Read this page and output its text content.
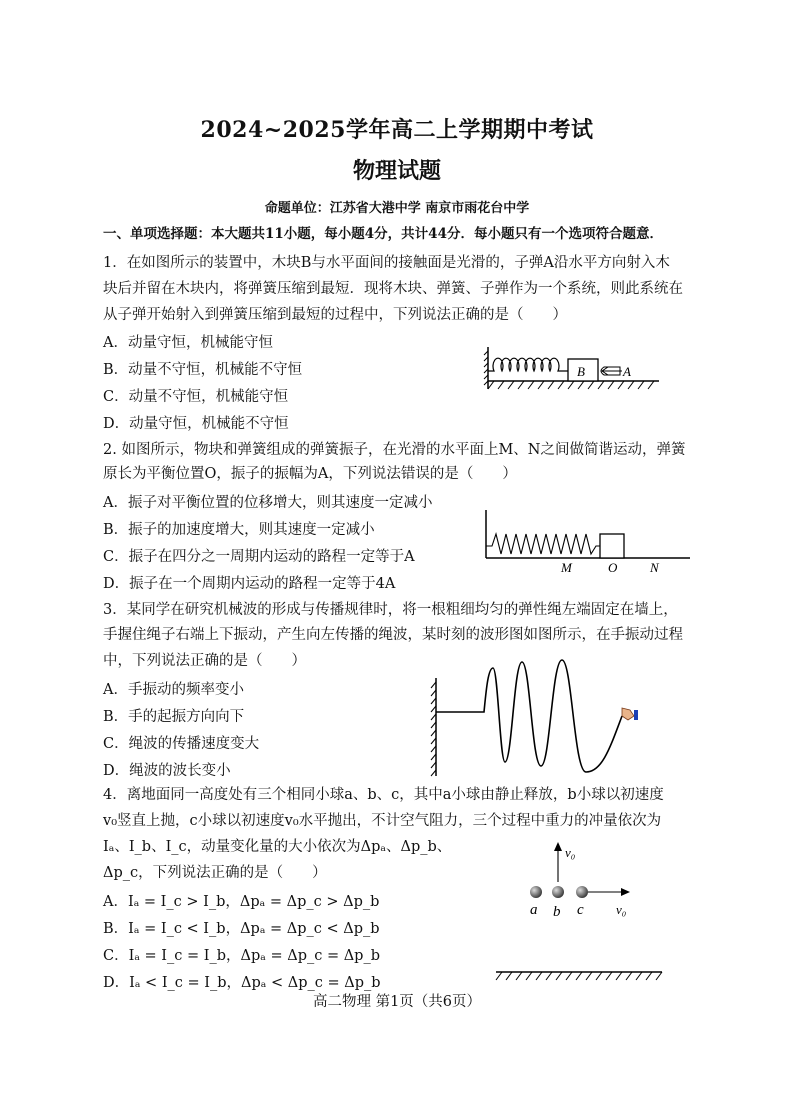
2024~2025学年高二上学期期中考试
物理试题
命题单位：江苏省大港中学 南京市雨花台中学
一、单项选择题：本大题共11小题，每小题4分，共计44分．每小题只有一个选项符合题意．
1．在如图所示的装置中，木块B与水平面间的接触面是光滑的，子弹A沿水平方向射入木
块后并留在木块内，将弹簧压缩到最短．现将木块、弹簧、子弹作为一个系统，则此系统在
从子弹开始射入到弹簧压缩到最短的过程中，下列说法正确的是（　　）
A．动量守恒，机械能守恒
B．动量不守恒，机械能不守恒
C．动量不守恒，机械能守恒
D．动量守恒，机械能不守恒
B	A
2. 如图所示，物块和弹簧组成的弹簧振子，在光滑的水平面上M、N之间做简谐运动，弹簧
原长为平衡位置O，振子的振幅为A，下列说法错误的是（　　）
A．振子对平衡位置的位移增大，则其速度一定减小
B．振子的加速度增大，则其速度一定减小
C．振子在四分之一周期内运动的路程一定等于A
D．振子在一个周期内运动的路程一定等于4A
M	O	N
3．某同学在研究机械波的形成与传播规律时，将一根粗细均匀的弹性绳左端固定在墙上，
手握住绳子右端上下振动，产生向左传播的绳波，某时刻的波形图如图所示，在手振动过程
中，下列说法正确的是（　　）
A．手振动的频率变小
B．手的起振方向向下
C．绳波的传播速度变大
D．绳波的波长变小
4．离地面同一高度处有三个相同小球a、b、c，其中a小球由静止释放，b小球以初速度
v₀竖直上抛，c小球以初速度v₀水平抛出，不计空气阻力，三个过程中重力的冲量依次为
Iₐ、I_b、I_c，动量变化量的大小依次为Δpₐ、Δp_b、
Δp_c，下列说法正确的是（　　）
A．Iₐ = I_c > I_b，Δpₐ = Δp_c > Δp_b
B．Iₐ = I_c < I_b，Δpₐ = Δp_c < Δp_b
C．Iₐ = I_c = I_b，Δpₐ = Δp_c = Δp_b
D．Iₐ < I_c = I_b，Δpₐ < Δp_c = Δp_b
v₀
a b c v₀
高二物理 第1页（共6页）
